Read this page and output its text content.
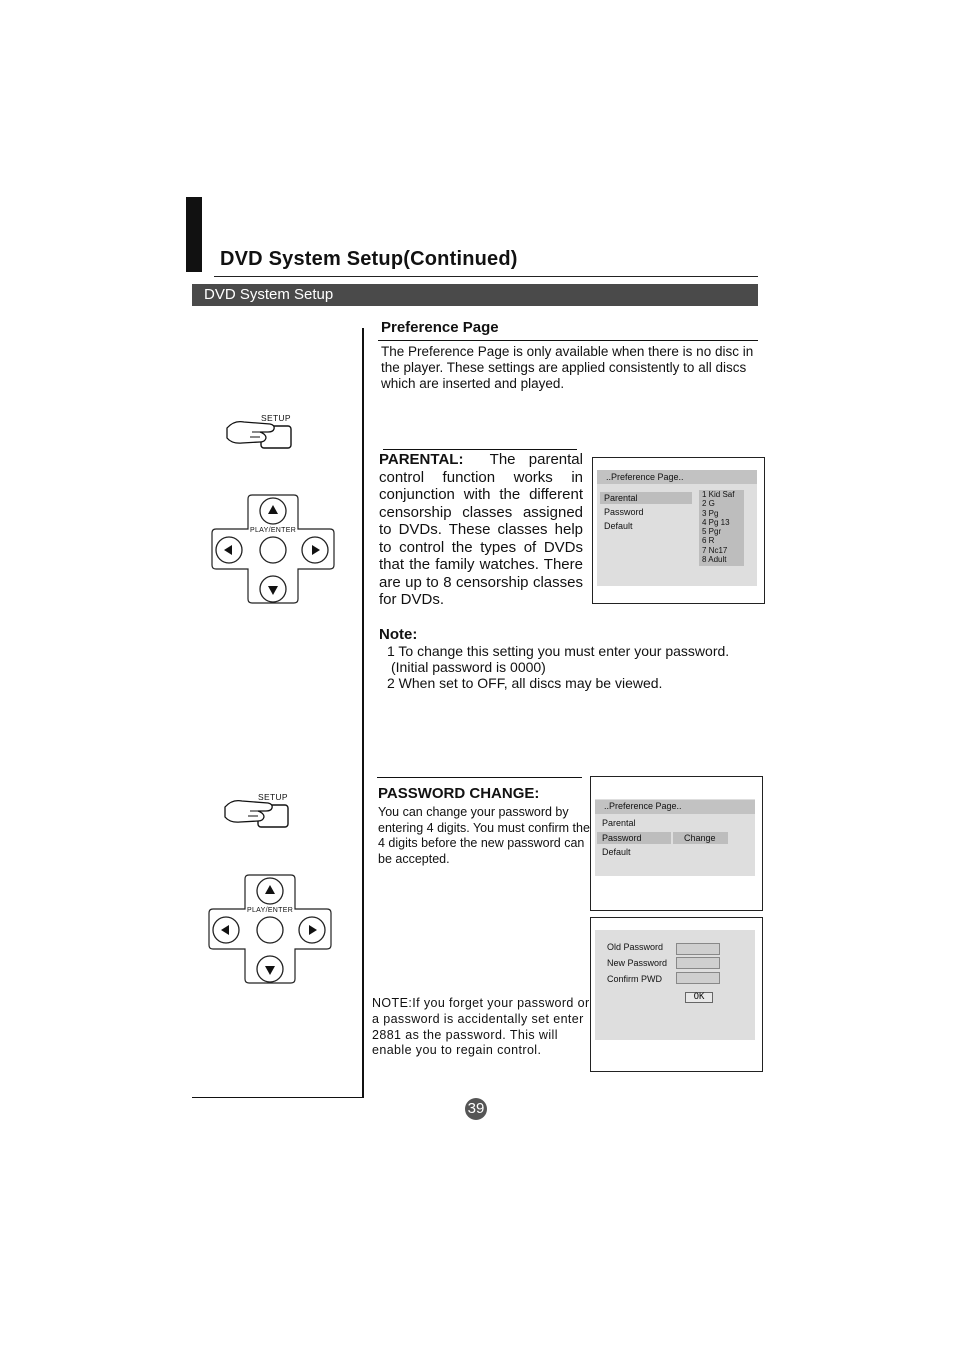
DVD System Setup(Continued)
DVD System Setup
Preference Page
The Preference Page is only available when there is no disc in the player. These settings are applied consistently to all discs which are inserted and played.
PARENTAL: The parental control function works in conjunction with the different censorship classes assigned to DVDs. These classes help to control the types of DVDs that the family watches. There are up to 8 censorship classes for DVDs.
..Preference Page..
Parental
Password
Default
1 Kid Saf
2 G
3 Pg
4 Pg 13
5 Pgr
6 R
7 Nc17
8 Adult
Note:
1 To change this setting you must enter your password.
(Initial password is 0000)
2 When set to OFF, all discs may be viewed.
PASSWORD CHANGE:
You can change your password by entering 4 digits. You must confirm the 4 digits before the new password can be accepted.
NOTE:If you forget your password or a password is accidentally set enter 2881 as the password. This will enable you to regain control.
..Preference Page..
Parental
Password	Change
Default
Old Password
New Password
Confirm PWD
OK
SETUP
PLAY/ENTER
SETUP
PLAY/ENTER
39
